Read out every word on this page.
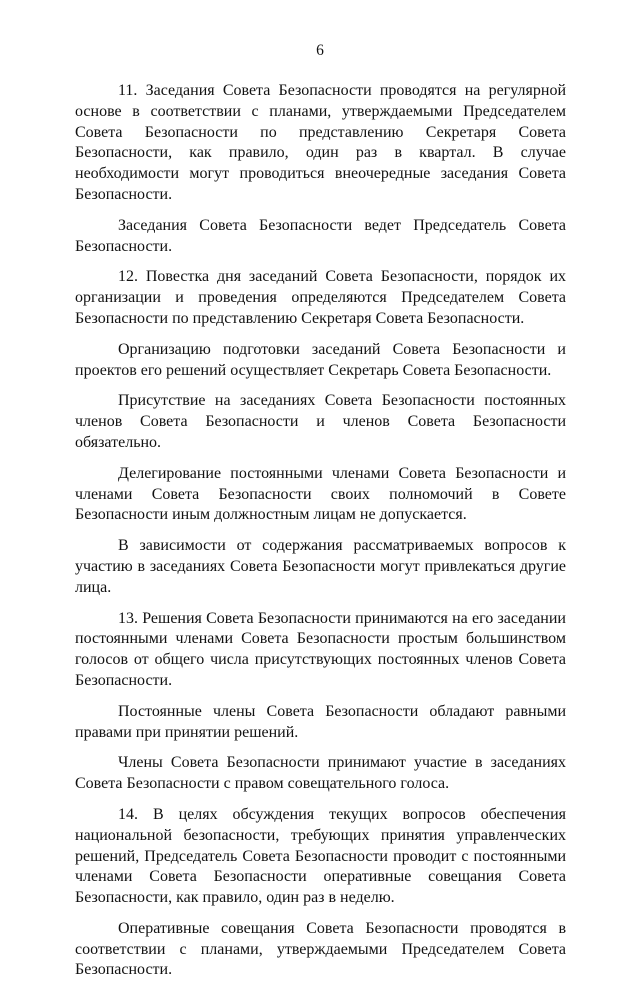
6

11. Заседания Совета Безопасности проводятся на регулярной основе в соответствии с планами, утверждаемыми Председателем Совета Безопасности по представлению Секретаря Совета Безопасности, как правило, один раз в квартал. В случае необходимости могут проводиться внеочередные заседания Совета Безопасности.

Заседания Совета Безопасности ведет Председатель Совета Безопасности.

12. Повестка дня заседаний Совета Безопасности, порядок их организации и проведения определяются Председателем Совета Безопасности по представлению Секретаря Совета Безопасности.

Организацию подготовки заседаний Совета Безопасности и проектов его решений осуществляет Секретарь Совета Безопасности.

Присутствие на заседаниях Совета Безопасности постоянных членов Совета Безопасности и членов Совета Безопасности обязательно.

Делегирование постоянными членами Совета Безопасности и членами Совета Безопасности своих полномочий в Совете Безопасности иным должностным лицам не допускается.

В зависимости от содержания рассматриваемых вопросов к участию в заседаниях Совета Безопасности могут привлекаться другие лица.

13. Решения Совета Безопасности принимаются на его заседании постоянными членами Совета Безопасности простым большинством голосов от общего числа присутствующих постоянных членов Совета Безопасности.

Постоянные члены Совета Безопасности обладают равными правами при принятии решений.

Члены Совета Безопасности принимают участие в заседаниях Совета Безопасности с правом совещательного голоса.

14. В целях обсуждения текущих вопросов обеспечения национальной безопасности, требующих принятия управленческих решений, Председатель Совета Безопасности проводит с постоянными членами Совета Безопасности оперативные совещания Совета Безопасности, как правило, один раз в неделю.

Оперативные совещания Совета Безопасности проводятся в соответствии с планами, утверждаемыми Председателем Совета Безопасности.
